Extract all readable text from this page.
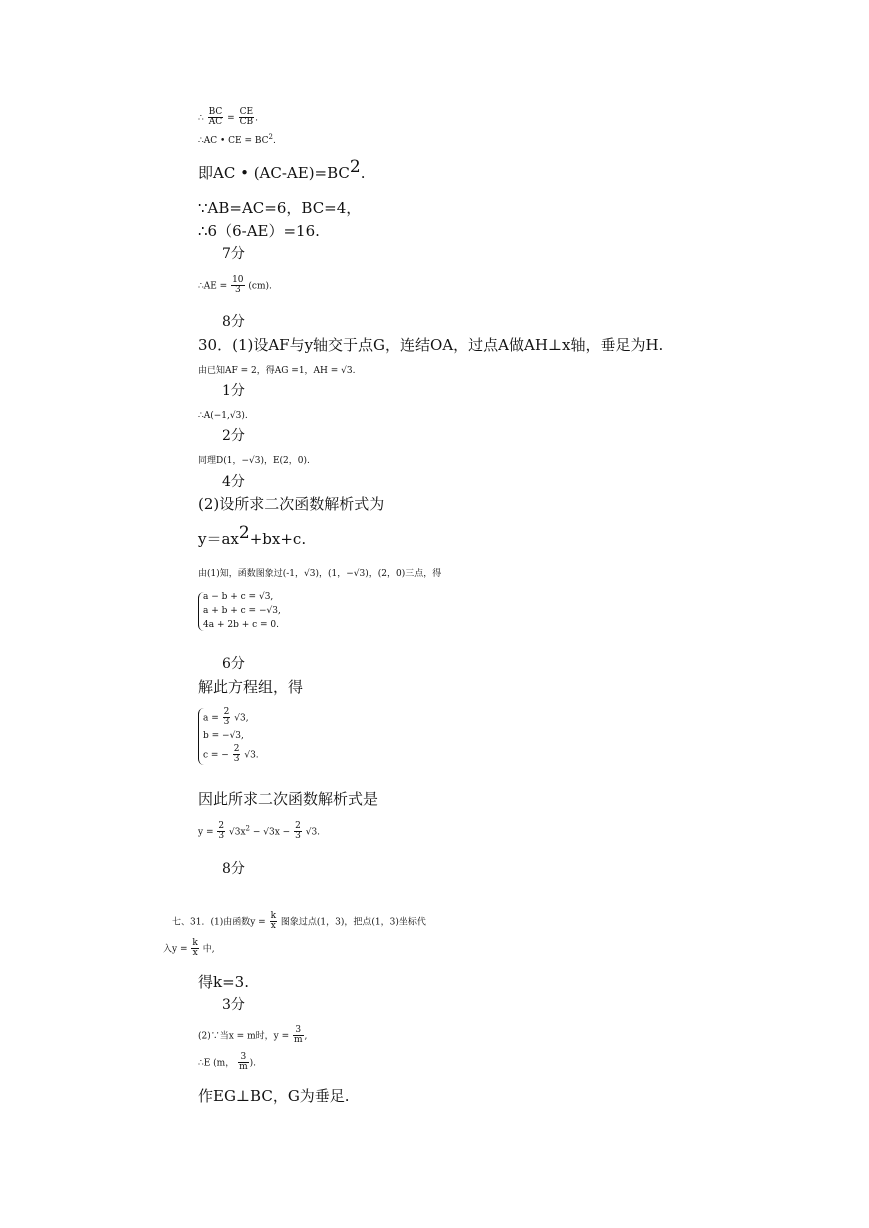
∴ $\frac{BC}{AC} = \frac{CE}{CB}$ .
∴AC • CE = $BC^2$.
即AC • (AC-AE)=BC2.
∵AB=AC=6，BC=4，
∴6（6-AE）=16.
7分
∴AE = $\frac{10}{3} (cm)$.
8分
30．(1)设AF与y轴交于点G，连结OA，过点A做AH⊥x轴，垂足为H.
由已知AF = 2，得AG =1，AH = √3.
1分
∴A(−1,√3).
2分
同理D(1，−√3)，E(2，0).
4分
(2)设所求二次函数解析式为
y＝ax2+bx+c.
由(1)知，函数图象过(-1，√3)，(1，−√3)，(2，0)三点，得
a − b + c = √3,
a + b + c = −√3,
4a + 2b + c = 0.
6分
解此方程组，得
$a = \frac{2}{3} √3$,
b = −√3,
c = − $\frac{2}{3} √3$.
因此所求二次函数解析式是
$y = \frac{2}{3} √3x^2 - √3x - \frac{2}{3} √3$.
8分
七、31．(1)由函数$y = \frac{k}{x}$ 图象过点(1，3)，把点(1，3)坐标代
入$y = \frac{k}{x}$ 中,
得k=3.
3分
(2)∵当x = m时，$y = \frac{3}{m}$ ,
∴E (m， $\frac{3}{m}$ ).
作EG⊥BC，G为垂足.
